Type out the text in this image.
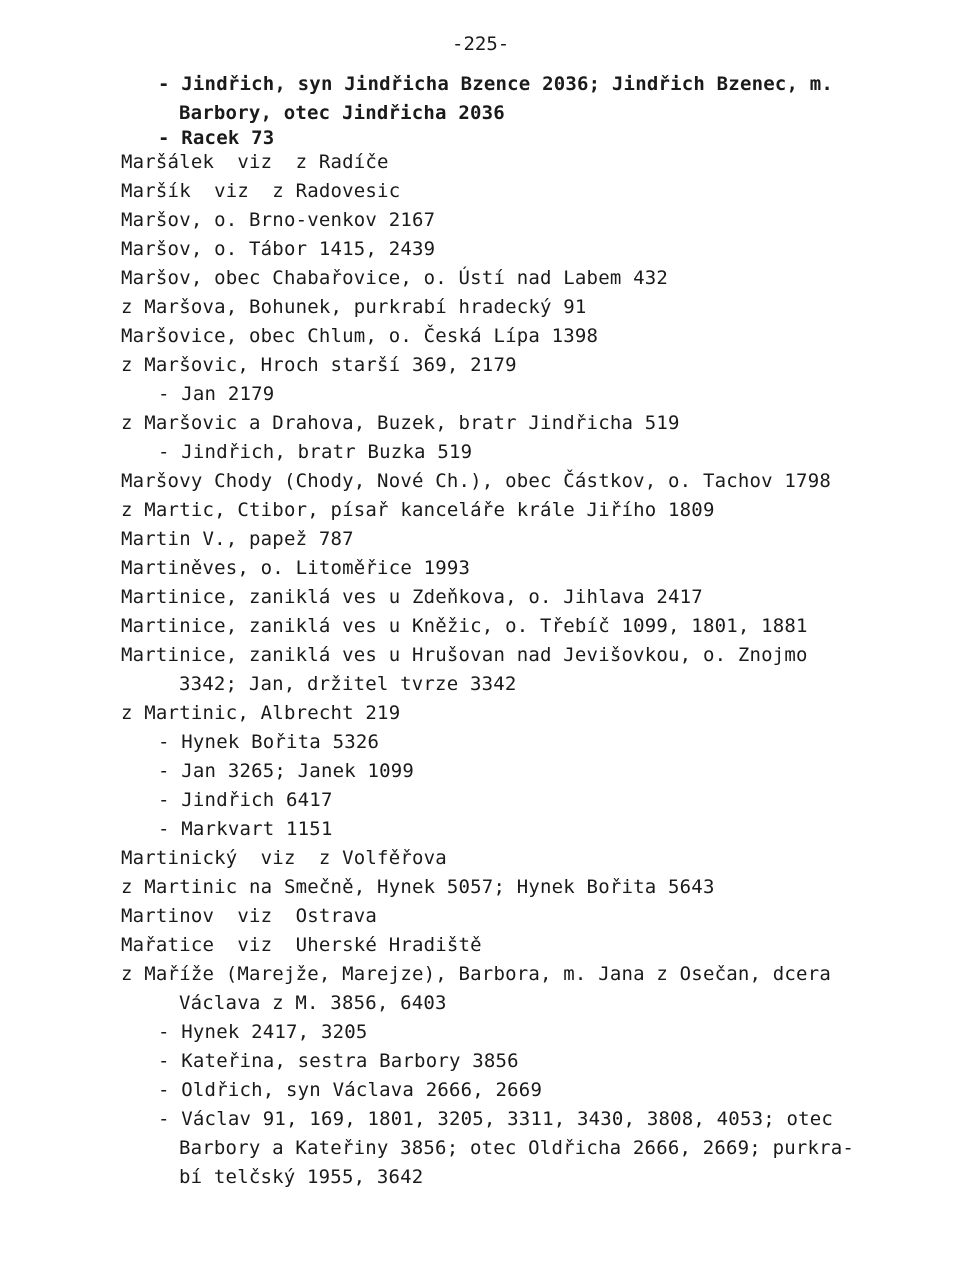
-225-
- Jindřich, syn Jindřicha Bzence 2036; Jindřich Bzenec, m.
Barbory, otec Jindřicha 2036
- Racek 73
Maršálek  viz  z Radíče
Maršík  viz  z Radovesic
Maršov, o. Brno-venkov 2167
Maršov, o. Tábor 1415, 2439
Maršov, obec Chabařovice, o. Ústí nad Labem 432
z Maršova, Bohunek, purkrabí hradecký 91
Maršovice, obec Chlum, o. Česká Lípa 1398
z Maršovic, Hroch starší 369, 2179
- Jan 2179
z Maršovic a Drahova, Buzek, bratr Jindřicha 519
- Jindřich, bratr Buzka 519
Maršovy Chody (Chody, Nové Ch.), obec Částkov, o. Tachov 1798
z Martic, Ctibor, písař kanceláře krále Jiřího 1809
Martin V., papež 787
Martiněves, o. Litoměřice 1993
Martinice, zaniklá ves u Zdeňkova, o. Jihlava 2417
Martinice, zaniklá ves u Kněžic, o. Třebíč 1099, 1801, 1881
Martinice, zaniklá ves u Hrušovan nad Jevišovkou, o. Znojmo
3342; Jan, držitel tvrze 3342
z Martinic, Albrecht 219
- Hynek Bořita 5326
- Jan 3265; Janek 1099
- Jindřich 6417
- Markvart 1151
Martinický  viz  z Volfěřova
z Martinic na Smečně, Hynek 5057; Hynek Bořita 5643
Martinov  viz  Ostrava
Mařatice  viz  Uherské Hradiště
z Maříže (Marejže, Marejze), Barbora, m. Jana z Osečan, dcera
Václava z M. 3856, 6403
- Hynek 2417, 3205
- Kateřina, sestra Barbory 3856
- Oldřich, syn Václava 2666, 2669
- Václav 91, 169, 1801, 3205, 3311, 3430, 3808, 4053; otec
Barbory a Kateřiny 3856; otec Oldřicha 2666, 2669; purkra-
bí telčský 1955, 3642
